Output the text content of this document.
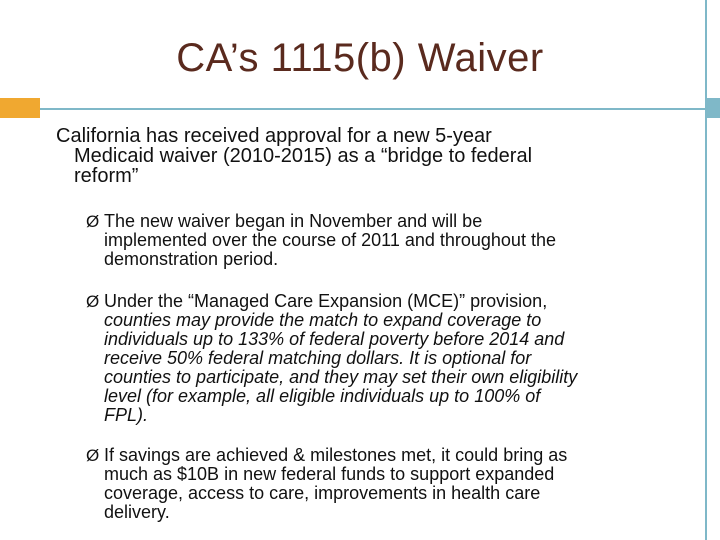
CA’s 1115(b) Waiver
California has received approval for a new 5-year
Medicaid waiver (2010-2015) as a “bridge to federal
reform”
Ø The new waiver began in November and will be
implemented over the course of 2011 and throughout the
demonstration period.
Ø Under the “Managed Care Expansion (MCE)” provision,
counties may provide the match to expand coverage to
individuals up to 133% of federal poverty before 2014 and
receive 50% federal matching dollars. It is optional for
counties to participate, and they may set their own eligibility
level (for example, all eligible individuals up to 100% of
FPL).
Ø If savings are achieved & milestones met, it could bring as
much as $10B in new federal funds to support expanded
coverage, access to care, improvements in health care
delivery.
